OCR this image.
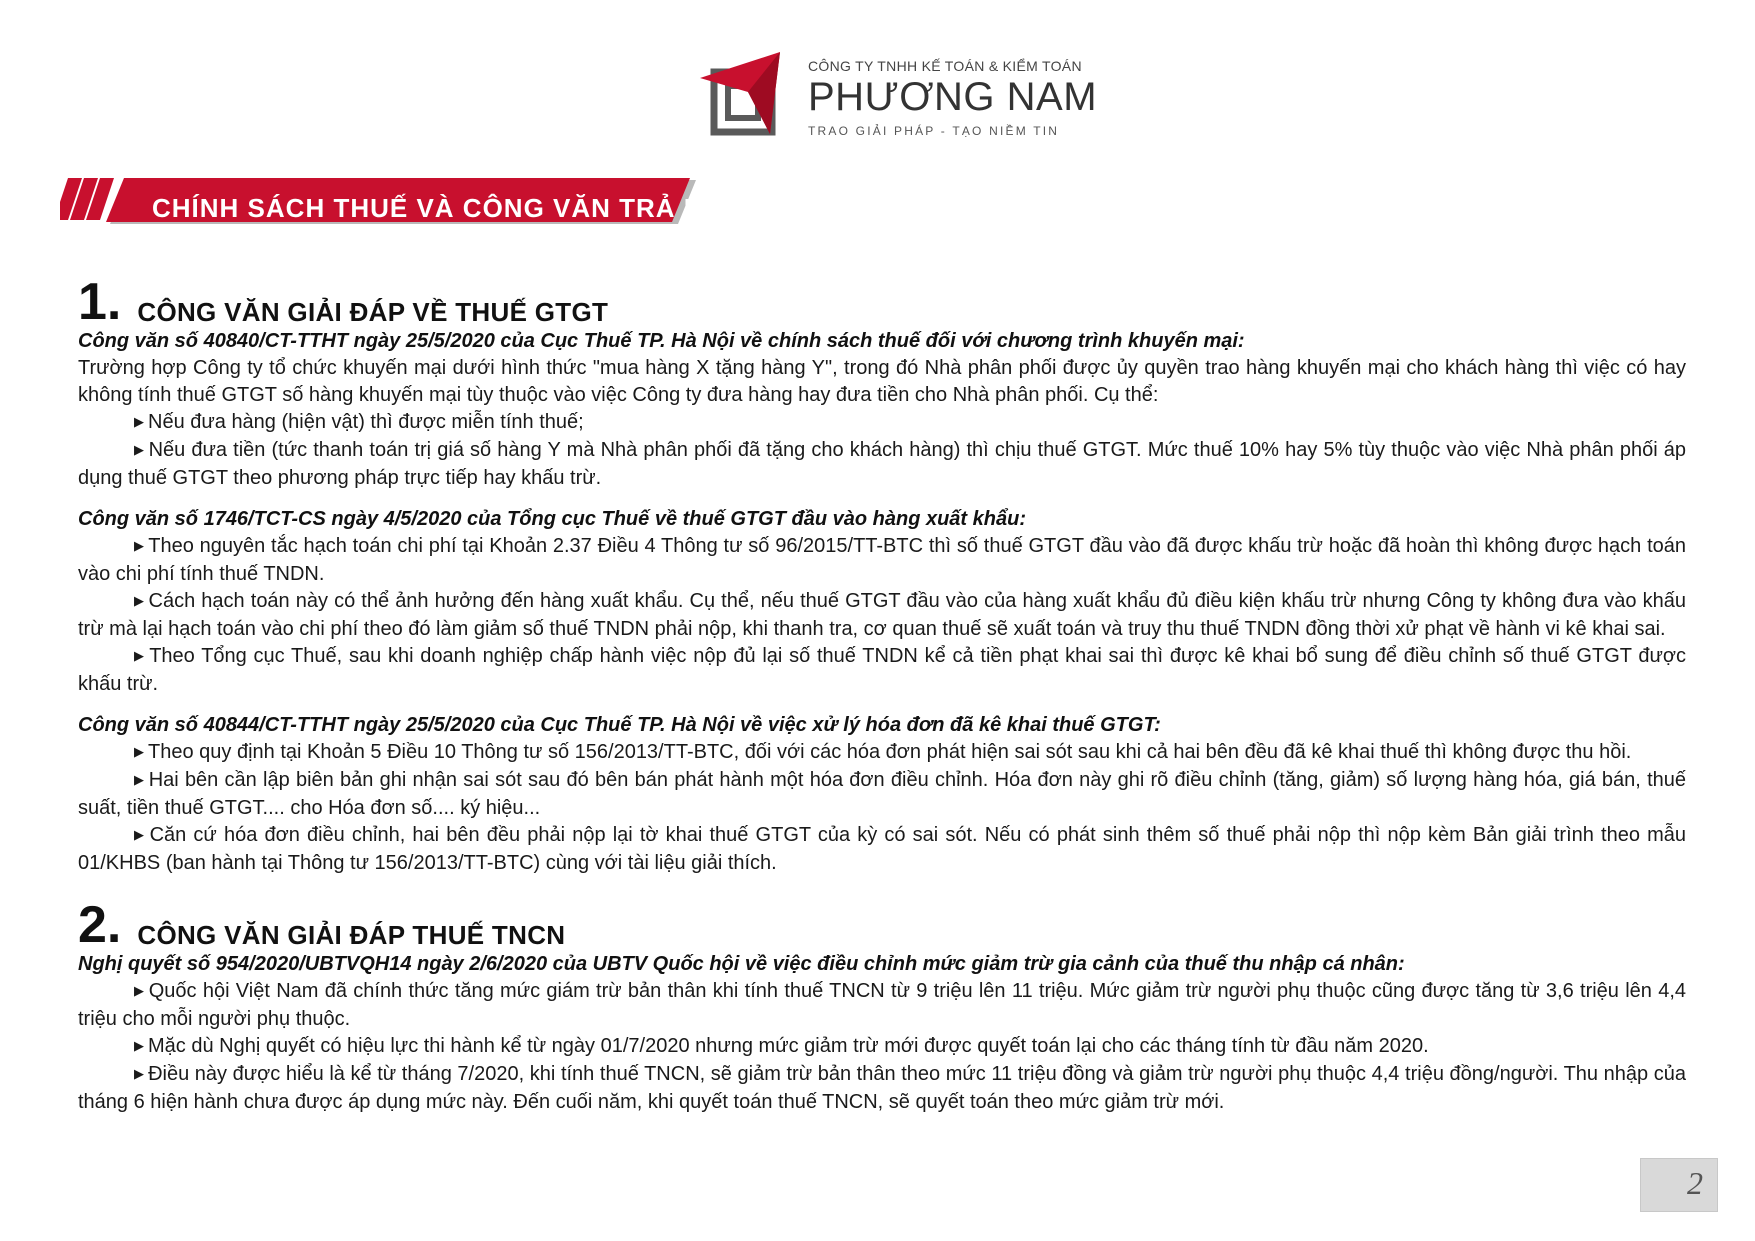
CÔNG TY TNHH KẾ TOÁN & KIỂM TOÁN
PHƯƠNG NAM
TRAO GIẢI PHÁP - TẠO NIỀM TIN
CHÍNH SÁCH THUẾ VÀ CÔNG VĂN TRẢ LỜI
1. CÔNG VĂN GIẢI ĐÁP VỀ THUẾ GTGT

Công văn số 40840/CT-TTHT ngày 25/5/2020 của Cục Thuế TP. Hà Nội về chính sách thuế đối với chương trình khuyến mại:

Trường hợp Công ty tổ chức khuyến mại dưới hình thức "mua hàng X tặng hàng Y", trong đó Nhà phân phối được ủy quyền trao hàng khuyến mại cho khách hàng thì việc có hay không tính thuế GTGT số hàng khuyến mại tùy thuộc vào việc Công ty đưa hàng hay đưa tiền cho Nhà phân phối. Cụ thể:

▶ Nếu đưa hàng (hiện vật) thì được miễn tính thuế;

▶ Nếu đưa tiền (tức thanh toán trị giá số hàng Y mà Nhà phân phối đã tặng cho khách hàng) thì chịu thuế GTGT. Mức thuế 10% hay 5% tùy thuộc vào việc Nhà phân phối áp dụng thuế GTGT theo phương pháp trực tiếp hay khấu trừ.

Công văn số 1746/TCT-CS ngày 4/5/2020 của Tổng cục Thuế về thuế GTGT đầu vào hàng xuất khẩu:

▶ Theo nguyên tắc hạch toán chi phí tại Khoản 2.37 Điều 4 Thông tư số 96/2015/TT-BTC thì số thuế GTGT đầu vào đã được khấu trừ hoặc đã hoàn thì không được hạch toán vào chi phí tính thuế TNDN.

▶ Cách hạch toán này có thể ảnh hưởng đến hàng xuất khẩu. Cụ thể, nếu thuế GTGT đầu vào của hàng xuất khẩu đủ điều kiện khấu trừ nhưng Công ty không đưa vào khấu trừ mà lại hạch toán vào chi phí theo đó làm giảm số thuế TNDN phải nộp, khi thanh tra, cơ quan thuế sẽ xuất toán và truy thu thuế TNDN đồng thời xử phạt về hành vi kê khai sai.

▶ Theo Tổng cục Thuế, sau khi doanh nghiệp chấp hành việc nộp đủ lại số thuế TNDN kể cả tiền phạt khai sai thì được kê khai bổ sung để điều chỉnh số thuế GTGT được khấu trừ.

Công văn số 40844/CT-TTHT ngày 25/5/2020 của Cục Thuế TP. Hà Nội về việc xử lý hóa đơn đã kê khai thuế GTGT:

▶ Theo quy định tại Khoản 5 Điều 10 Thông tư số 156/2013/TT-BTC, đối với các hóa đơn phát hiện sai sót sau khi cả hai bên đều đã kê khai thuế thì không được thu hồi.

▶ Hai bên cần lập biên bản ghi nhận sai sót sau đó bên bán phát hành một hóa đơn điều chỉnh. Hóa đơn này ghi rõ điều chỉnh (tăng, giảm) số lượng hàng hóa, giá bán, thuế suất, tiền thuế GTGT.... cho Hóa đơn số.... ký hiệu...

▶ Căn cứ hóa đơn điều chỉnh, hai bên đều phải nộp lại tờ khai thuế GTGT của kỳ có sai sót. Nếu có phát sinh thêm số thuế phải nộp thì nộp kèm Bản giải trình theo mẫu 01/KHBS (ban hành tại Thông tư 156/2013/TT-BTC) cùng với tài liệu giải thích.

2. CÔNG VĂN GIẢI ĐÁP THUẾ TNCN

Nghị quyết số 954/2020/UBTVQH14 ngày 2/6/2020 của UBTV Quốc hội về việc điều chỉnh mức giảm trừ gia cảnh của thuế thu nhập cá nhân:

▶ Quốc hội Việt Nam đã chính thức tăng mức giám trừ bản thân khi tính thuế TNCN từ 9 triệu lên 11 triệu. Mức giảm trừ người phụ thuộc cũng được tăng từ 3,6 triệu lên 4,4 triệu cho mỗi người phụ thuộc.

▶ Mặc dù Nghị quyết có hiệu lực thi hành kể từ ngày 01/7/2020 nhưng mức giảm trừ mới được quyết toán lại cho các tháng tính từ đầu năm 2020.

▶ Điều này được hiểu là kể từ tháng 7/2020, khi tính thuế TNCN, sẽ giảm trừ bản thân theo mức 11 triệu đồng và giảm trừ người phụ thuộc 4,4 triệu đồng/người. Thu nhập của tháng 6 hiện hành chưa được áp dụng mức này. Đến cuối năm, khi quyết toán thuế TNCN, sẽ quyết toán theo mức giảm trừ mới.

2
